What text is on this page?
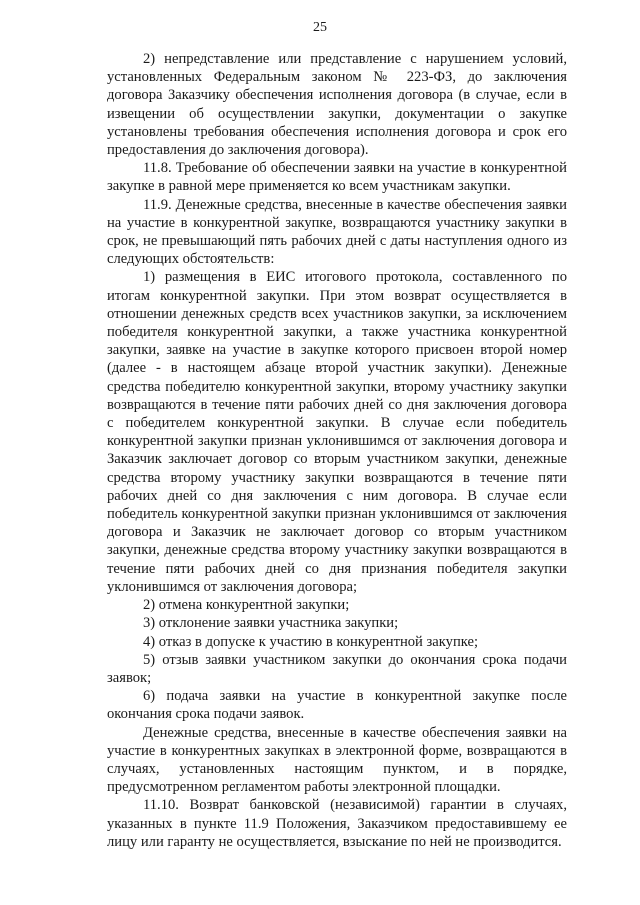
25

2) непредставление или представление с нарушением условий, установленных Федеральным законом № 223-ФЗ, до заключения договора Заказчику обеспечения исполнения договора (в случае, если в извещении об осуществлении закупки, документации о закупке установлены требования обеспечения исполнения договора и срок его предоставления до заключения договора).

11.8. Требование об обеспечении заявки на участие в конкурентной закупке в равной мере применяется ко всем участникам закупки.

11.9. Денежные средства, внесенные в качестве обеспечения заявки на участие в конкурентной закупке, возвращаются участнику закупки в срок, не превышающий пять рабочих дней с даты наступления одного из следующих обстоятельств:

1) размещения в ЕИС итогового протокола, составленного по итогам конкурентной закупки. При этом возврат осуществляется в отношении денежных средств всех участников закупки, за исключением победителя конкурентной закупки, а также участника конкурентной закупки, заявке на участие в закупке которого присвоен второй номер (далее - в настоящем абзаце второй участник закупки). Денежные средства победителю конкурентной закупки, второму участнику закупки возвращаются в течение пяти рабочих дней со дня заключения договора с победителем конкурентной закупки. В случае если победитель конкурентной закупки признан уклонившимся от заключения договора и Заказчик заключает договор со вторым участником закупки, денежные средства второму участнику закупки возвращаются в течение пяти рабочих дней со дня заключения с ним договора. В случае если победитель конкурентной закупки признан уклонившимся от заключения договора и Заказчик не заключает договор со вторым участником закупки, денежные средства второму участнику закупки возвращаются в течение пяти рабочих дней со дня признания победителя закупки уклонившимся от заключения договора;

2) отмена конкурентной закупки;

3) отклонение заявки участника закупки;

4) отказ в допуске к участию в конкурентной закупке;

5) отзыв заявки участником закупки до окончания срока подачи заявок;

6) подача заявки на участие в конкурентной закупке после окончания срока подачи заявок.

Денежные средства, внесенные в качестве обеспечения заявки на участие в конкурентных закупках в электронной форме, возвращаются в случаях, установленных настоящим пунктом, и в порядке, предусмотренном регламентом работы электронной площадки.

11.10. Возврат банковской (независимой) гарантии в случаях, указанных в пункте 11.9 Положения, Заказчиком предоставившему ее лицу или гаранту не осуществляется, взыскание по ней не производится.
